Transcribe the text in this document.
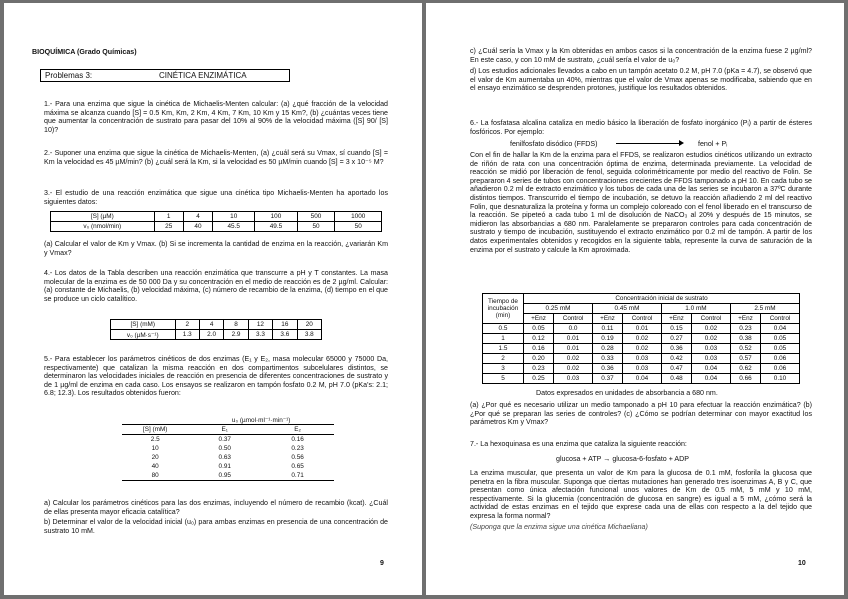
BIOQUÍMICA (Grado Químicas)
Problemas 3:	CINÉTICA ENZIMÁTICA

1.- Para una enzima que sigue la cinética de Michaelis-Menten calcular: (a) ¿qué fracción de la velocidad máxima se alcanza cuando [S] = 0.5 Km, Km, 2 Km, 4 Km, 7 Km, 10 Km y 15 Km?, (b) ¿cuántas veces tiene que aumentar la concentración de sustrato para pasar del 10% al 90% de la velocidad máxima ([S] 90/ [S] 10)?

2.- Suponer una enzima que sigue la cinética de Michaelis-Menten, (a) ¿cuál será su Vmax, sí cuando [S] = Km la velocidad es 45 µM/min? (b) ¿cuál será la Km, si la velocidad es 50 µM/min cuando [S] = 3 x 10⁻⁵ M?

3.- El estudio de una reacción enzimática que sigue una cinética tipo Michaelis-Menten ha aportado los siguientes datos:

[S] (µM)	1	4	10	100	500	1000
v₀ (nmol/min)	25	40	45.5	49.5	50	50

(a) Calcular el valor de Km y Vmax. (b) Si se incrementa la cantidad de enzima en la reacción, ¿variarán Km y Vmax?

4.- Los datos de la Tabla describen una reacción enzimática que transcurre a pH y T constantes. La masa molecular de la enzima es de 50 000 Da y su concentración en el medio de reacción es de 2 µg/ml. Calcular: (a) constante de Michaelis, (b) velocidad máxima, (c) número de recambio de la enzima, (d) tiempo en el que se produce un ciclo catalítico.

[S] (mM)	2	4	8	12	16	20
v₀ (µM·s⁻¹)	1.3	2.0	2.9	3.3	3.6	3.8

5.- Para establecer los parámetros cinéticos de dos enzimas (E₁ y E₂, masa molecular 65000 y 75000 Da, respectivamente) que catalizan la misma reacción en dos compartimentos subcelulares distintos, se determinaron las velocidades iniciales de reacción en presencia de diferentes concentraciones de sustrato y de 1 µg/ml de enzima en cada caso. Los ensayos se realizaron en tampón fosfato 0.2 M, pH 7.0 (pKa's: 2.1; 6.8; 12.3). Los resultados obtenidos fueron:

	u₀ (µmol·ml⁻¹·min⁻¹)	
[S] (mM)	E₁	E₂
2.5	0.37	0.16
10	0.50	0.23
20	0.63	0.56
40	0.91	0.65
80	0.95	0.71

a) Calcular los parámetros cinéticos para las dos enzimas, incluyendo el número de recambio (kcat). ¿Cuál de ellas presenta mayor eficacia catalítica?

b) Determinar el valor de la velocidad inicial (u₀) para ambas enzimas en presencia de una concentración de sustrato 10 mM.

9

c) ¿Cuál sería la Vmax y la Km obtenidas en ambos casos si la concentración de la enzima fuese 2 µg/ml? En este caso, y con 10 mM de sustrato, ¿cuál sería el valor de u₀?

d) Los estudios adicionales llevados a cabo en un tampón acetato 0.2 M, pH 7.0 (pKa = 4.7), se observó que el valor de Km aumentaba un 40%, mientras que el valor de Vmax apenas se modificaba, sabiendo que en el ensayo enzimático se desprenden protones, justifique los resultados obtenidos.

6.- La fosfatasa alcalina cataliza en medio básico la liberación de fosfato inorgánico (Pᵢ) a partir de ésteres fosfóricos. Por ejemplo:

fenilfosfato disódico (FFDS)	fenol + Pᵢ

Con el fin de hallar la Km de la enzima para el FFDS, se realizaron estudios cinéticos utilizando un extracto de riñón de rata con una concentración óptima de enzima, determinada previamente. La velocidad de reacción se midió por liberación de fenol, seguida colorimétricamente por medio del reactivo de Folin. Se prepararon 4 series de tubos con concentraciones crecientes de FFDS tamponado a pH 10. En cada tubo se añadieron 0.2 ml de extracto enzimático y los tubos de cada una de las series se incubaron a 37ºC durante distintos tiempos. Transcurrido el tiempo de incubación, se detuvo la reacción añadiendo 2 ml del reactivo Folin, que desnaturaliza la proteína y forma un complejo coloreado con el fenol liberado en el transcurso de la reacción. Se pipeteó a cada tubo 1 ml de disolución de NaCO₃ al 20% y después de 15 minutos, se midieron las absorbancias a 680 nm. Paralelamente se prepararon controles para cada concentración de sustrato y tiempo de incubación, sustituyendo el extracto enzimático por 0.2 ml de tampón. A partir de los datos experimentales obtenidos y recogidos en la siguiente tabla, represente la curva de saturación de la enzima por el sustrato y calcule la Km aproximada.

Tiempo de incubación (min)	Concentración inicial de sustrato							
	0.25 mM		0.45 mM		1.0 mM		2.5 mM	
	+Enz	Control	+Enz	Control	+Enz	Control	+Enz	Control
0.5	0.05	0.0	0.11	0.01	0.15	0.02	0.23	0.04
1	0.12	0.01	0.19	0.02	0.27	0.02	0.38	0.05
1.5	0.16	0.01	0.28	0.02	0.36	0.03	0.52	0.05
2	0.20	0.02	0.33	0.03	0.42	0.03	0.57	0.06
3	0.23	0.02	0.36	0.03	0.47	0.04	0.62	0.06
5	0.25	0.03	0.37	0.04	0.48	0.04	0.66	0.10
Datos expresados en unidades de absorbancia a 680 nm.

(a) ¿Por qué es necesario utilizar un medio tamponado a pH 10 para efectuar la reacción enzimática? (b) ¿Por qué se preparan las series de controles? (c) ¿Cómo se podrían determinar con mayor exactitud los parámetros Km y Vmax?

7.- La hexoquinasa es una enzima que cataliza la siguiente reacción:

glucosa + ATP → glucosa-6-fosfato + ADP

La enzima muscular, que presenta un valor de Km para la glucosa de 0.1 mM, fosforila la glucosa que penetra en la fibra muscular. Suponga que ciertas mutaciones han generado tres isoenzimas A, B y C, que presentan como única afectación funcional unos valores de Km de 0.5 mM, 5 mM y 10 mM, respectivamente. Si la glucemia (concentración de glucosa en sangre) es igual a 5 mM, ¿cómo será la actividad de estas enzimas en el tejido que exprese cada una de ellas con respecto a la del tejido que expresa la forma normal?

(Suponga que la enzima sigue una cinética Michaeliana)

10
